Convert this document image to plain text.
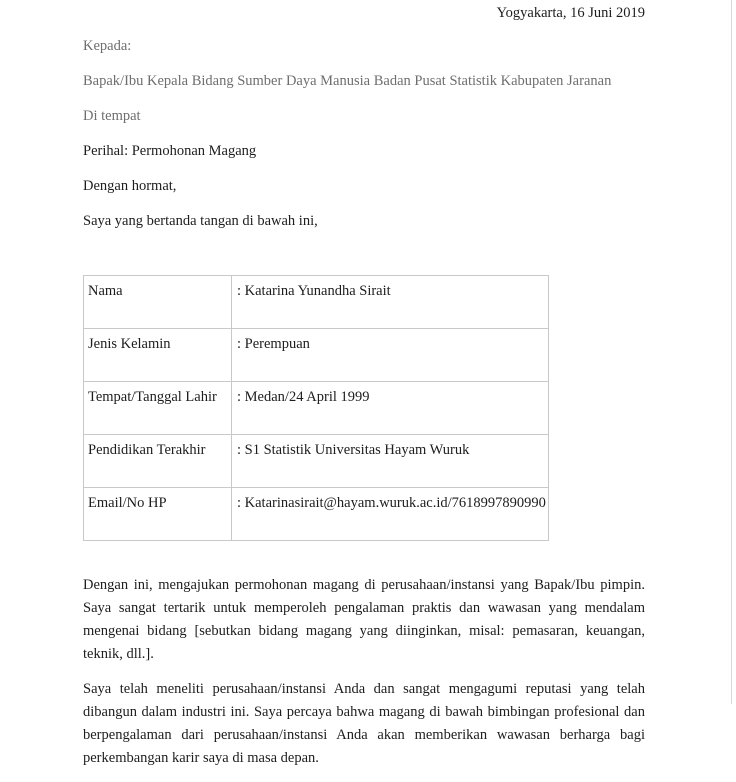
Yogyakarta, 16 Juni 2019
Kepada:
Bapak/Ibu Kepala Bidang Sumber Daya Manusia Badan Pusat Statistik Kabupaten Jaranan
Di tempat
Perihal: Permohonan Magang
Dengan hormat,
Saya yang bertanda tangan di bawah ini,
Nama	: Katarina Yunandha Sirait
Jenis Kelamin	: Perempuan
Tempat/Tanggal Lahir	: Medan/24 April 1999
Pendidikan Terakhir	: S1 Statistik Universitas Hayam Wuruk
Email/No HP	: Katarinasirait@hayam.wuruk.ac.id/7618997890990

Dengan ini, mengajukan permohonan magang di perusahaan/instansi yang Bapak/Ibu pimpin. Saya sangat tertarik untuk memperoleh pengalaman praktis dan wawasan yang mendalam mengenai bidang [sebutkan bidang magang yang diinginkan, misal: pemasaran, keuangan, teknik, dll.].

Saya telah meneliti perusahaan/instansi Anda dan sangat mengagumi reputasi yang telah dibangun dalam industri ini. Saya percaya bahwa magang di bawah bimbingan profesional dan berpengalaman dari perusahaan/instansi Anda akan memberikan wawasan berharga bagi perkembangan karir saya di masa depan.
